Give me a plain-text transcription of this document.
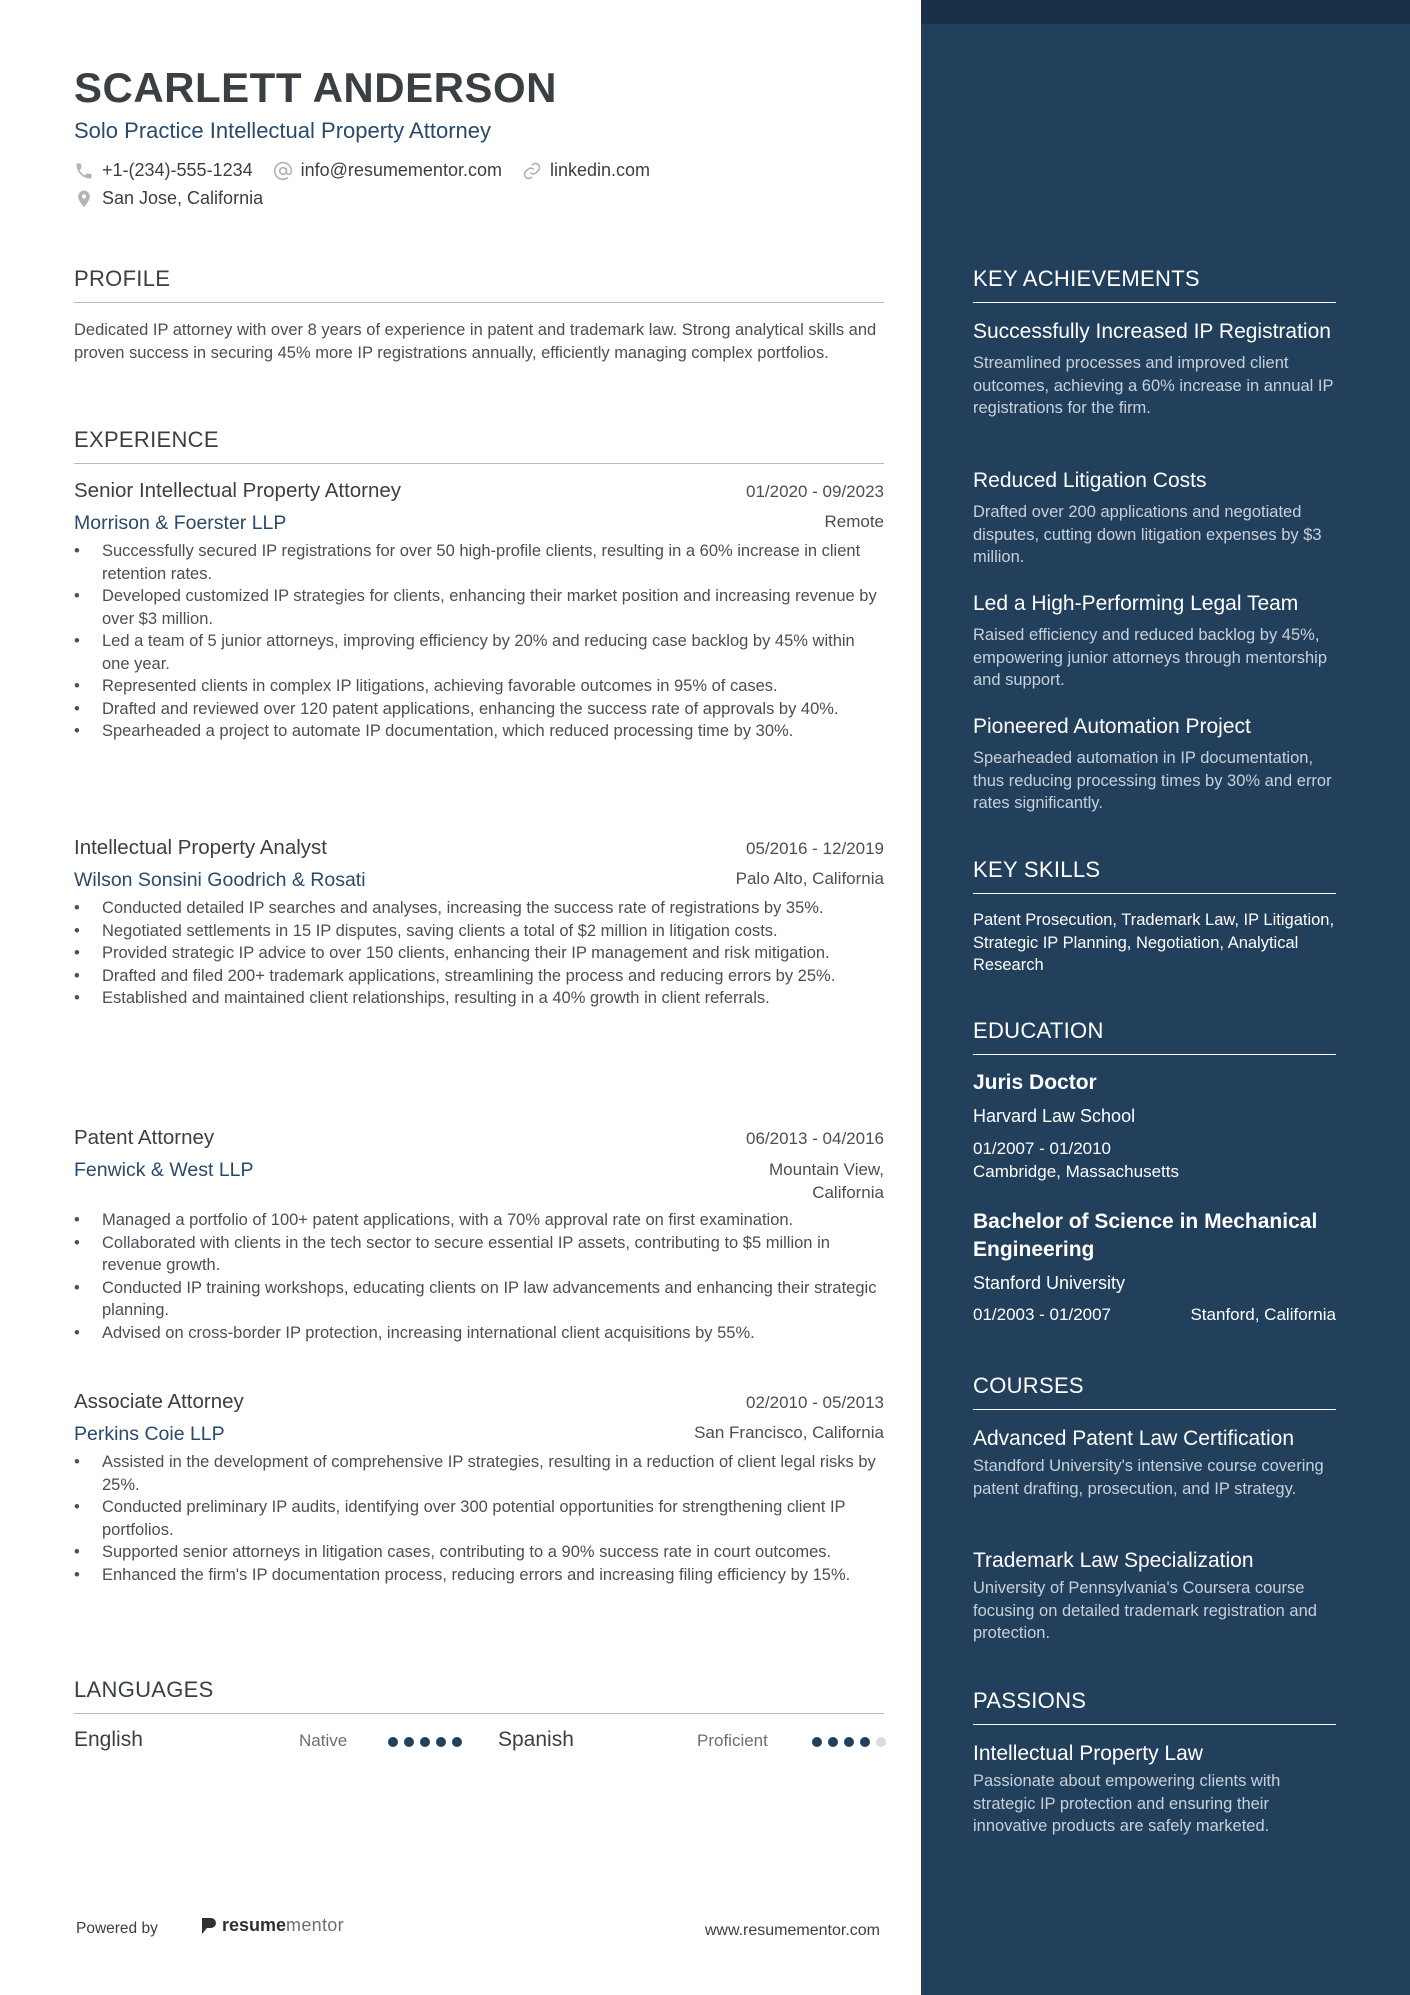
SCARLETT ANDERSON
Solo Practice Intellectual Property Attorney
+1-(234)-555-1234	info@resumementor.com	linkedin.com
San Jose, California
PROFILE
Dedicated IP attorney with over 8 years of experience in patent and trademark law. Strong analytical skills and proven success in securing 45% more IP registrations annually, efficiently managing complex portfolios.
EXPERIENCE
Senior Intellectual Property Attorney	01/2020 - 09/2023
Morrison & Foerster LLP	Remote
• Successfully secured IP registrations for over 50 high-profile clients, resulting in a 60% increase in client retention rates.
• Developed customized IP strategies for clients, enhancing their market position and increasing revenue by over $3 million.
• Led a team of 5 junior attorneys, improving efficiency by 20% and reducing case backlog by 45% within one year.
• Represented clients in complex IP litigations, achieving favorable outcomes in 95% of cases.
• Drafted and reviewed over 120 patent applications, enhancing the success rate of approvals by 40%.
• Spearheaded a project to automate IP documentation, which reduced processing time by 30%.
Intellectual Property Analyst	05/2016 - 12/2019
Wilson Sonsini Goodrich & Rosati	Palo Alto, California
• Conducted detailed IP searches and analyses, increasing the success rate of registrations by 35%.
• Negotiated settlements in 15 IP disputes, saving clients a total of $2 million in litigation costs.
• Provided strategic IP advice to over 150 clients, enhancing their IP management and risk mitigation.
• Drafted and filed 200+ trademark applications, streamlining the process and reducing errors by 25%.
• Established and maintained client relationships, resulting in a 40% growth in client referrals.
Patent Attorney	06/2013 - 04/2016
Fenwick & West LLP	Mountain View, California
• Managed a portfolio of 100+ patent applications, with a 70% approval rate on first examination.
• Collaborated with clients in the tech sector to secure essential IP assets, contributing to $5 million in revenue growth.
• Conducted IP training workshops, educating clients on IP law advancements and enhancing their strategic planning.
• Advised on cross-border IP protection, increasing international client acquisitions by 55%.
Associate Attorney	02/2010 - 05/2013
Perkins Coie LLP	San Francisco, California
• Assisted in the development of comprehensive IP strategies, resulting in a reduction of client legal risks by 25%.
• Conducted preliminary IP audits, identifying over 300 potential opportunities for strengthening client IP portfolios.
• Supported senior attorneys in litigation cases, contributing to a 90% success rate in court outcomes.
• Enhanced the firm's IP documentation process, reducing errors and increasing filing efficiency by 15%.
LANGUAGES
English	Native	Spanish	Proficient
Powered by	resume mentor	www.resumementor.com
KEY ACHIEVEMENTS
Successfully Increased IP Registration
Streamlined processes and improved client outcomes, achieving a 60% increase in annual IP registrations for the firm.
Reduced Litigation Costs
Drafted over 200 applications and negotiated disputes, cutting down litigation expenses by $3 million.
Led a High-Performing Legal Team
Raised efficiency and reduced backlog by 45%, empowering junior attorneys through mentorship and support.
Pioneered Automation Project
Spearheaded automation in IP documentation, thus reducing processing times by 30% and error rates significantly.
KEY SKILLS
Patent Prosecution, Trademark Law, IP Litigation, Strategic IP Planning, Negotiation, Analytical Research
EDUCATION
Juris Doctor
Harvard Law School
01/2007 - 01/2010
Cambridge, Massachusetts
Bachelor of Science in Mechanical Engineering
Stanford University
01/2003 - 01/2007	Stanford, California
COURSES
Advanced Patent Law Certification
Standford University's intensive course covering patent drafting, prosecution, and IP strategy.
Trademark Law Specialization
University of Pennsylvania's Coursera course focusing on detailed trademark registration and protection.
PASSIONS
Intellectual Property Law
Passionate about empowering clients with strategic IP protection and ensuring their innovative products are safely marketed.
